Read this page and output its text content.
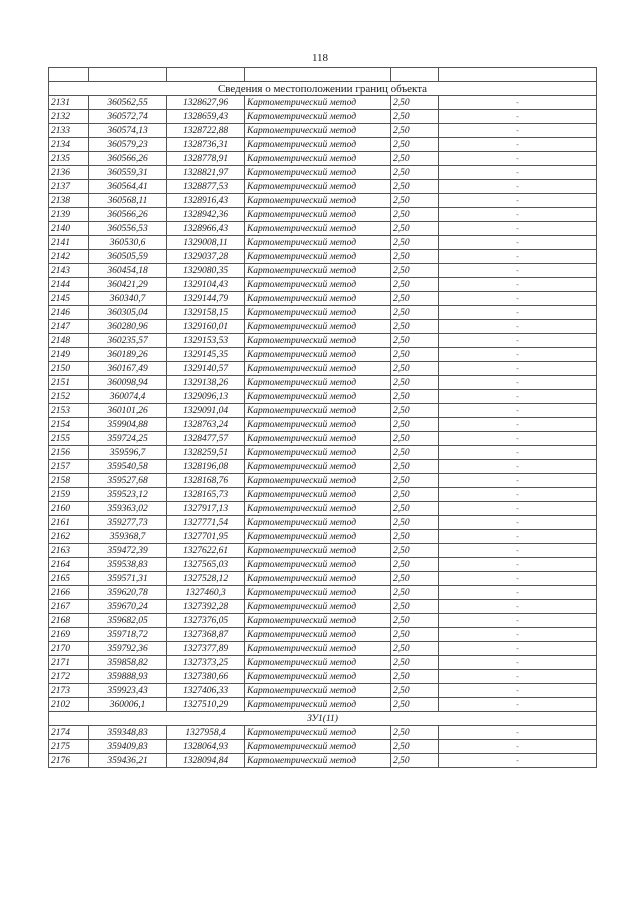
118

Сведения о местоположении границ объекта					
2131	360562,55	1328627,96	Картометрический метод	2,50	-
2132	360572,74	1328659,43	Картометрический метод	2,50	-
2133	360574,13	1328722,88	Картометрический метод	2,50	-
2134	360579,23	1328736,31	Картометрический метод	2,50	-
2135	360566,26	1328778,91	Картометрический метод	2,50	-
2136	360559,31	1328821,97	Картометрический метод	2,50	-
2137	360564,41	1328877,53	Картометрический метод	2,50	-
2138	360568,11	1328916,43	Картометрический метод	2,50	-
2139	360566,26	1328942,36	Картометрический метод	2,50	-
2140	360556,53	1328966,43	Картометрический метод	2,50	-
2141	360530,6	1329008,11	Картометрический метод	2,50	-
2142	360505,59	1329037,28	Картометрический метод	2,50	-
2143	360454,18	1329080,35	Картометрический метод	2,50	-
2144	360421,29	1329104,43	Картометрический метод	2,50	-
2145	360340,7	1329144,79	Картометрический метод	2,50	-
2146	360305,04	1329158,15	Картометрический метод	2,50	-
2147	360280,96	1329160,01	Картометрический метод	2,50	-
2148	360235,57	1329153,53	Картометрический метод	2,50	-
2149	360189,26	1329145,35	Картометрический метод	2,50	-
2150	360167,49	1329140,57	Картометрический метод	2,50	-
2151	360098,94	1329138,26	Картометрический метод	2,50	-
2152	360074,4	1329096,13	Картометрический метод	2,50	-
2153	360101,26	1329091,04	Картометрический метод	2,50	-
2154	359904,88	1328763,24	Картометрический метод	2,50	-
2155	359724,25	1328477,57	Картометрический метод	2,50	-
2156	359596,7	1328259,51	Картометрический метод	2,50	-
2157	359540,58	1328196,08	Картометрический метод	2,50	-
2158	359527,68	1328168,76	Картометрический метод	2,50	-
2159	359523,12	1328165,73	Картометрический метод	2,50	-
2160	359363,02	1327917,13	Картометрический метод	2,50	-
2161	359277,73	1327771,54	Картометрический метод	2,50	-
2162	359368,7	1327701,95	Картометрический метод	2,50	-
2163	359472,39	1327622,61	Картометрический метод	2,50	-
2164	359538,83	1327565,03	Картометрический метод	2,50	-
2165	359571,31	1327528,12	Картометрический метод	2,50	-
2166	359620,78	1327460,3	Картометрический метод	2,50	-
2167	359670,24	1327392,28	Картометрический метод	2,50	-
2168	359682,05	1327376,05	Картометрический метод	2,50	-
2169	359718,72	1327368,87	Картометрический метод	2,50	-
2170	359792,36	1327377,89	Картометрический метод	2,50	-
2171	359858,82	1327373,25	Картометрический метод	2,50	-
2172	359888,93	1327380,66	Картометрический метод	2,50	-
2173	359923,43	1327406,33	Картометрический метод	2,50	-
2102	360006,1	1327510,29	Картометрический метод	2,50	-
ЗУ1(11)					
2174	359348,83	1327958,4	Картометрический метод	2,50	-
2175	359409,83	1328064,93	Картометрический метод	2,50	-
2176	359436,21	1328094,84	Картометрический метод	2,50	-
